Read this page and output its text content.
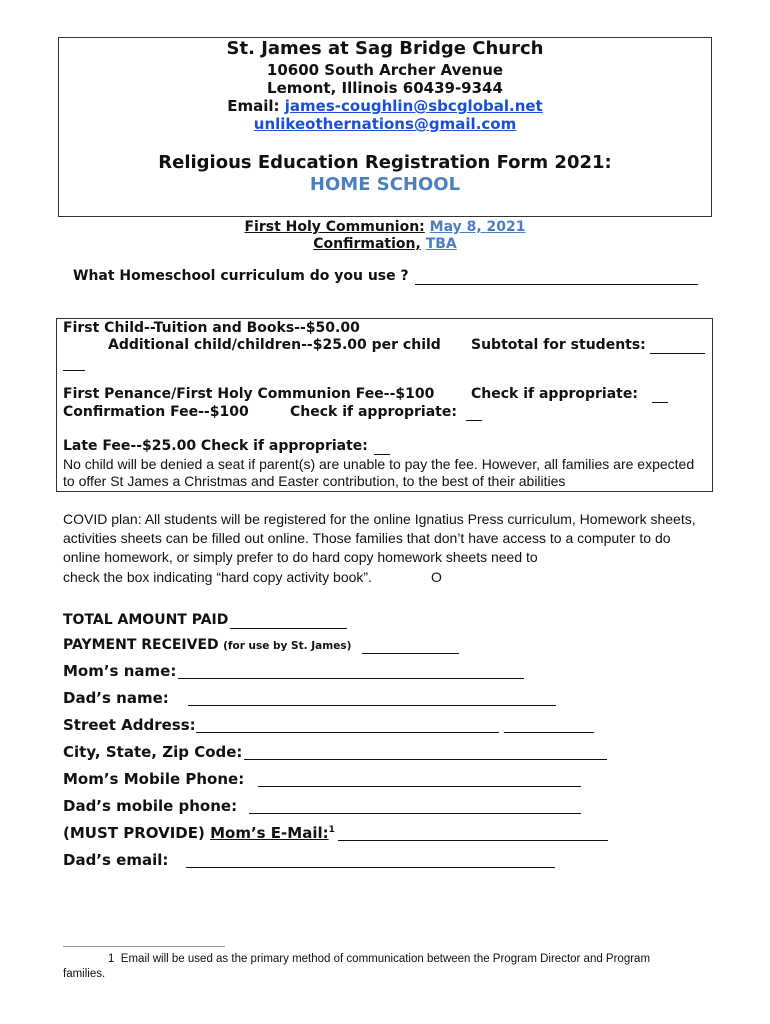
St. James at Sag Bridge Church
10600 South Archer Avenue
Lemont, Illinois 60439-9344
Email: james-coughlin@sbcglobal.net
unlikeothernations@gmail.com
Religious Education Registration Form 2021:
HOME SCHOOL
First Holy Communion: May 8, 2021
Confirmation, TBA
What Homeschool curriculum do you use ?
First Child--Tuition and Books--$50.00
Additional child/children--$25.00 per child Subtotal for students:
First Penance/First Holy Communion Fee--$100	Check if appropriate:
Confirmation Fee--$100	Check if appropriate:
Late Fee--$25.00 Check if appropriate:
No child will be denied a seat if parent(s) are unable to pay the fee. However, all families are expected to offer St James a Christmas and Easter contribution, to the best of their abilities
COVID plan: All students will be registered for the online Ignatius Press curriculum, Homework sheets, activities sheets can be filled out online. Those families that don’t have access to a computer to do online homework, or simply prefer to do hard copy homework sheets need to
check the box indicating “hard copy activity book”.	O
TOTAL AMOUNT PAID
PAYMENT RECEIVED (for use by St. James)
Mom’s name:
Dad’s name:
Street Address:
City, State, Zip Code:
Mom’s Mobile Phone:
Dad’s mobile phone:
(MUST PROVIDE) Mom’s E-Mail:$^1$
Dad’s email:
1 Email will be used as the primary method of communication between the Program Director and Program
families.
